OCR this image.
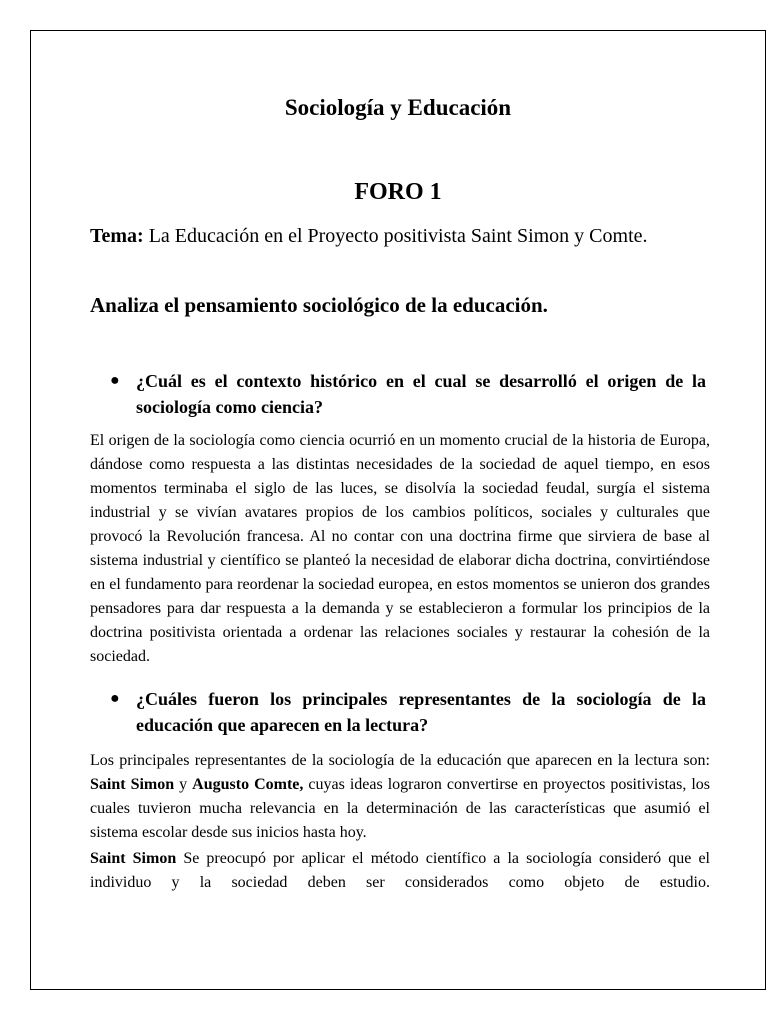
Sociología y Educación
FORO 1

Tema: La Educación en el Proyecto positivista Saint Simon y Comte.

Analiza el pensamiento sociológico de la educación.

● ¿Cuál es el contexto histórico en el cual se desarrolló el origen de la sociología como ciencia?

El origen de la sociología como ciencia ocurrió en un momento crucial de la historia de Europa, dándose como respuesta a las distintas necesidades de la sociedad de aquel tiempo, en esos momentos terminaba el siglo de las luces, se disolvía la sociedad feudal, surgía el sistema industrial y se vivían avatares propios de los cambios políticos, sociales y culturales que provocó la Revolución francesa. Al no contar con una doctrina firme que sirviera de base al sistema industrial y científico se planteó la necesidad de elaborar dicha doctrina, convirtiéndose en el fundamento para reordenar la sociedad europea, en estos momentos se unieron dos grandes pensadores para dar respuesta a la demanda y se establecieron a formular los principios de la doctrina positivista orientada a ordenar las relaciones sociales y restaurar la cohesión de la sociedad.

● ¿Cuáles fueron los principales representantes de la sociología de la educación que aparecen en la lectura?

Los principales representantes de la sociología de la educación que aparecen en la lectura son: Saint Simon y Augusto Comte, cuyas ideas lograron convertirse en proyectos positivistas, los cuales tuvieron mucha relevancia en la determinación de las características que asumió el sistema escolar desde sus inicios hasta hoy.

Saint Simon Se preocupó por aplicar el método científico a la sociología consideró que el individuo y la sociedad deben ser considerados como objeto de estudio.
